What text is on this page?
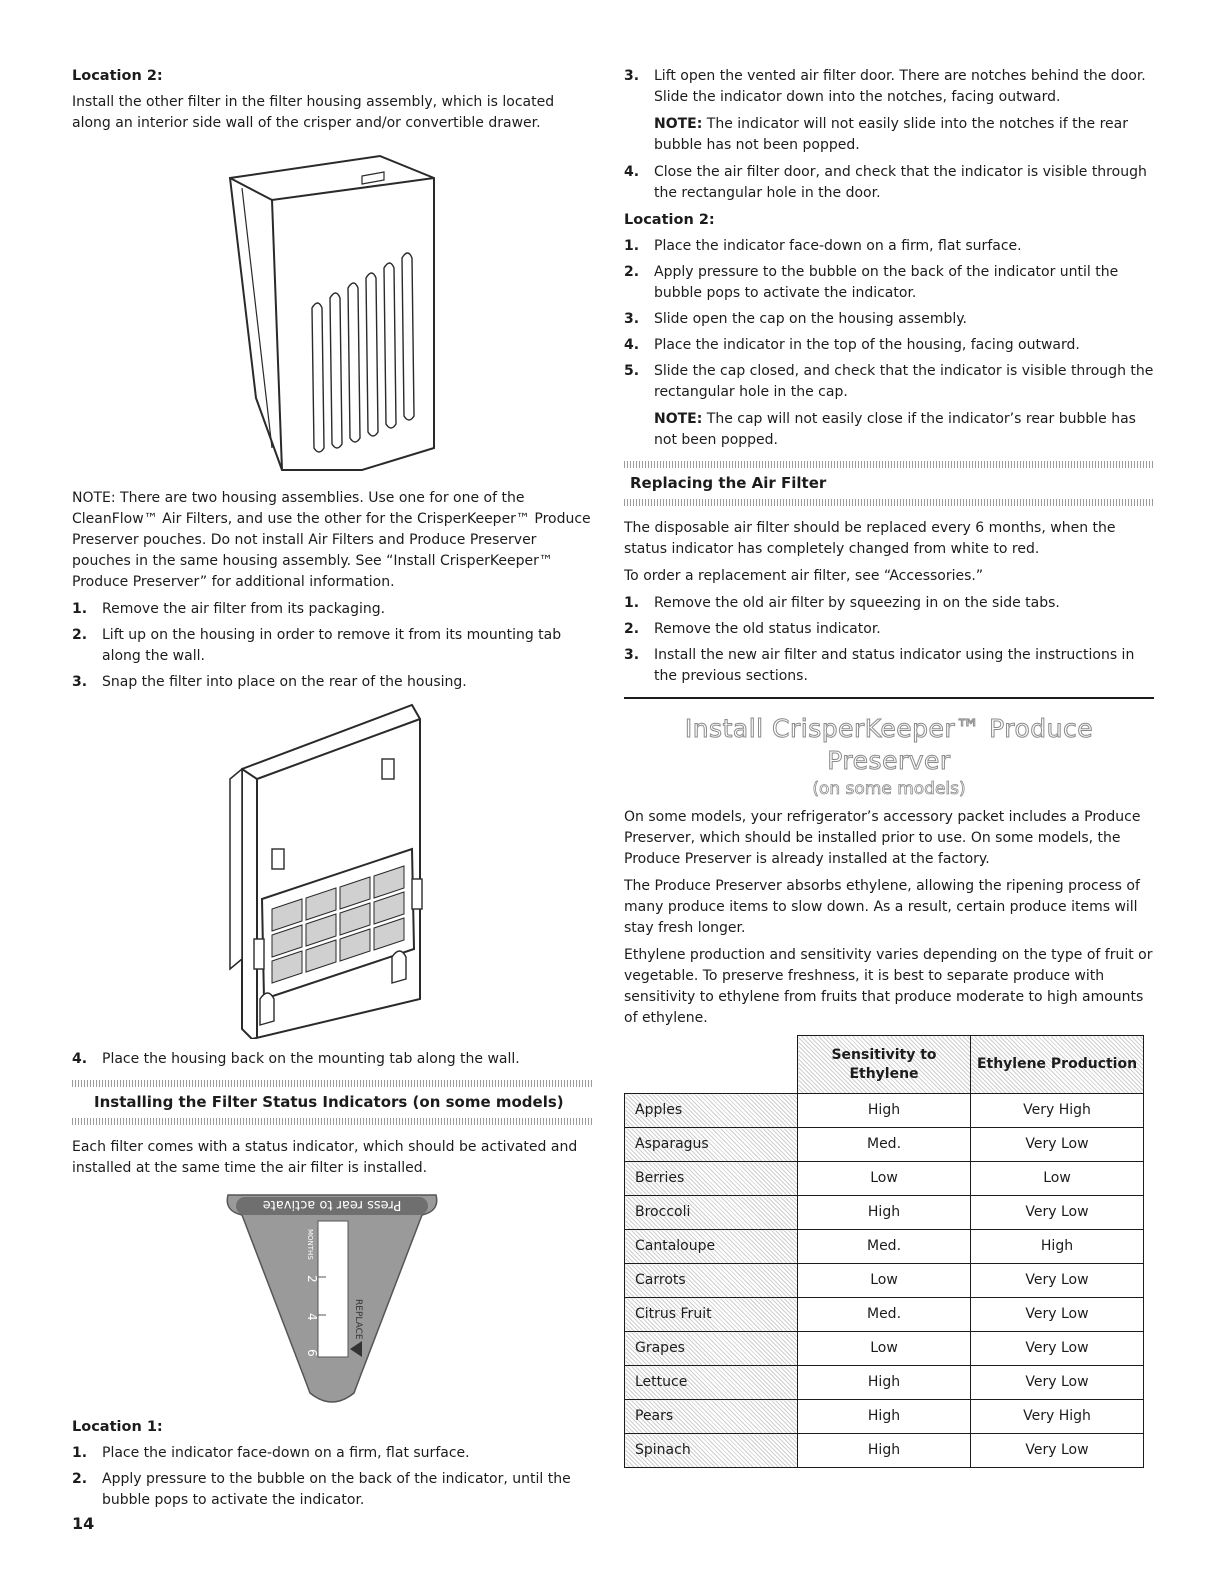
Location 2:

Install the other filter in the filter housing assembly, which is located along an interior side wall of the crisper and/or convertible drawer.

NOTE: There are two housing assemblies. Use one for one of the CleanFlow™ Air Filters, and use the other for the CrisperKeeper™ Produce Preserver pouches. Do not install Air Filters and Produce Preserver pouches in the same housing assembly. See “Install CrisperKeeper™ Produce Preserver” for additional information.

1. Remove the air filter from its packaging.
2. Lift up on the housing in order to remove it from its mounting tab along the wall.
3. Snap the filter into place on the rear of the housing.
4. Place the housing back on the mounting tab along the wall.
Installing the Filter Status Indicators (on some models)

Each filter comes with a status indicator, which should be activated and installed at the same time the air filter is installed.

Press rear to activate
MONTHS
2
4
6
REPLACE
Location 1:
1. Place the indicator face-down on a firm, flat surface.
2. Apply pressure to the bubble on the back of the indicator, until the bubble pops to activate the indicator.
3. Lift open the vented air filter door. There are notches behind the door. Slide the indicator down into the notches, facing outward.

NOTE: The indicator will not easily slide into the notches if the rear bubble has not been popped.

4. Close the air filter door, and check that the indicator is visible through the rectangular hole in the door.
Location 2:
1. Place the indicator face-down on a firm, flat surface.
2. Apply pressure to the bubble on the back of the indicator until the bubble pops to activate the indicator.
3. Slide open the cap on the housing assembly.
4. Place the indicator in the top of the housing, facing outward.
5. Slide the cap closed, and check that the indicator is visible through the rectangular hole in the cap.

NOTE: The cap will not easily close if the indicator’s rear bubble has not been popped.

Replacing the Air Filter

The disposable air filter should be replaced every 6 months, when the status indicator has completely changed from white to red.

To order a replacement air filter, see “Accessories.”

1. Remove the old air filter by squeezing in on the side tabs.
2. Remove the old status indicator.
3. Install the new air filter and status indicator using the instructions in the previous sections.
Install CrisperKeeper™ Produce Preserver
(on some models)

On some models, your refrigerator’s accessory packet includes a Produce Preserver, which should be installed prior to use. On some models, the Produce Preserver is already installed at the factory.

The Produce Preserver absorbs ethylene, allowing the ripening process of many produce items to slow down. As a result, certain produce items will stay fresh longer.

Ethylene production and sensitivity varies depending on the type of fruit or vegetable. To preserve freshness, it is best to separate produce with sensitivity to ethylene from fruits that produce moderate to high amounts of ethylene.

	Sensitivity to Ethylene	Ethylene Production
Apples	High	Very High
Asparagus	Med.	Very Low
Berries	Low	Low
Broccoli	High	Very Low
Cantaloupe	Med.	High
Carrots	Low	Very Low
Citrus Fruit	Med.	Very Low
Grapes	Low	Very Low
Lettuce	High	Very Low
Pears	High	Very High
Spinach	High	Very Low
14
